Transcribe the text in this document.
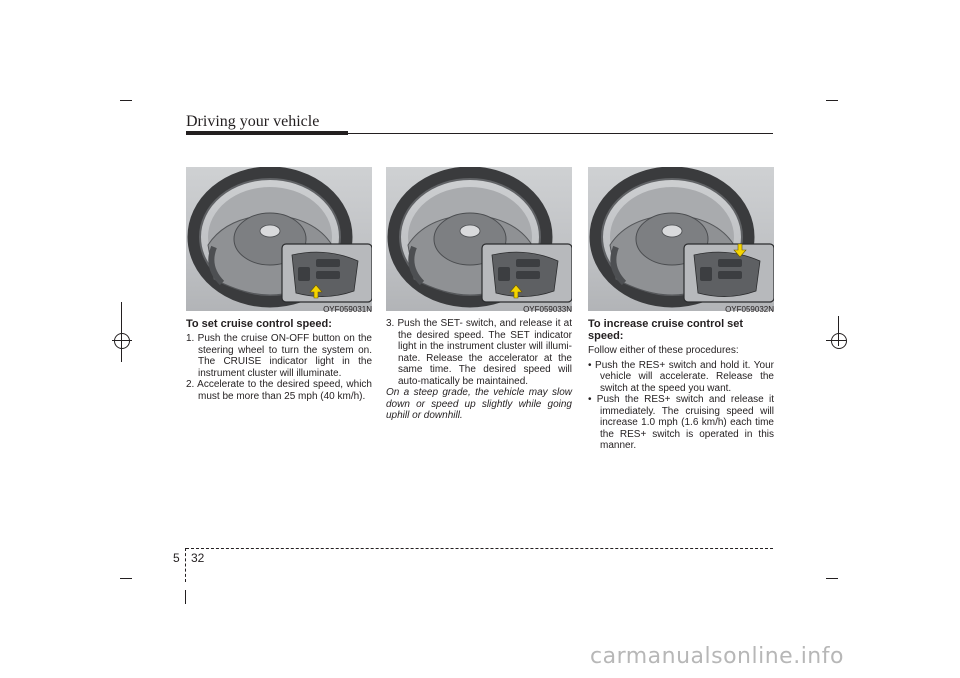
Driving your vehicle
OYF059031N	OYF059033N	OYF059032N
To set cruise control speed:

1. Push the cruise ON-OFF button on the steering wheel to turn the system on. The CRUISE indicator light in the instrument cluster will illuminate.

2. Accelerate to the desired speed, which must be more than 25 mph (40 km/h).

3. Push the SET- switch, and release it at the desired speed. The SET indicator light in the instrument cluster will illumi-nate. Release the accelerator at the same time. The desired speed will auto-matically be maintained.

On a steep grade, the vehicle may slow down or speed up slightly while going uphill or downhill.

To increase cruise control set speed:

Follow either of these procedures:

• Push the RES+ switch and hold it. Your vehicle will accelerate. Release the switch at the speed you want.

• Push the RES+ switch and release it immediately. The cruising speed will increase 1.0 mph (1.6 km/h) each time the RES+ switch is operated in this manner.

5 32
carmanualsonline.info
